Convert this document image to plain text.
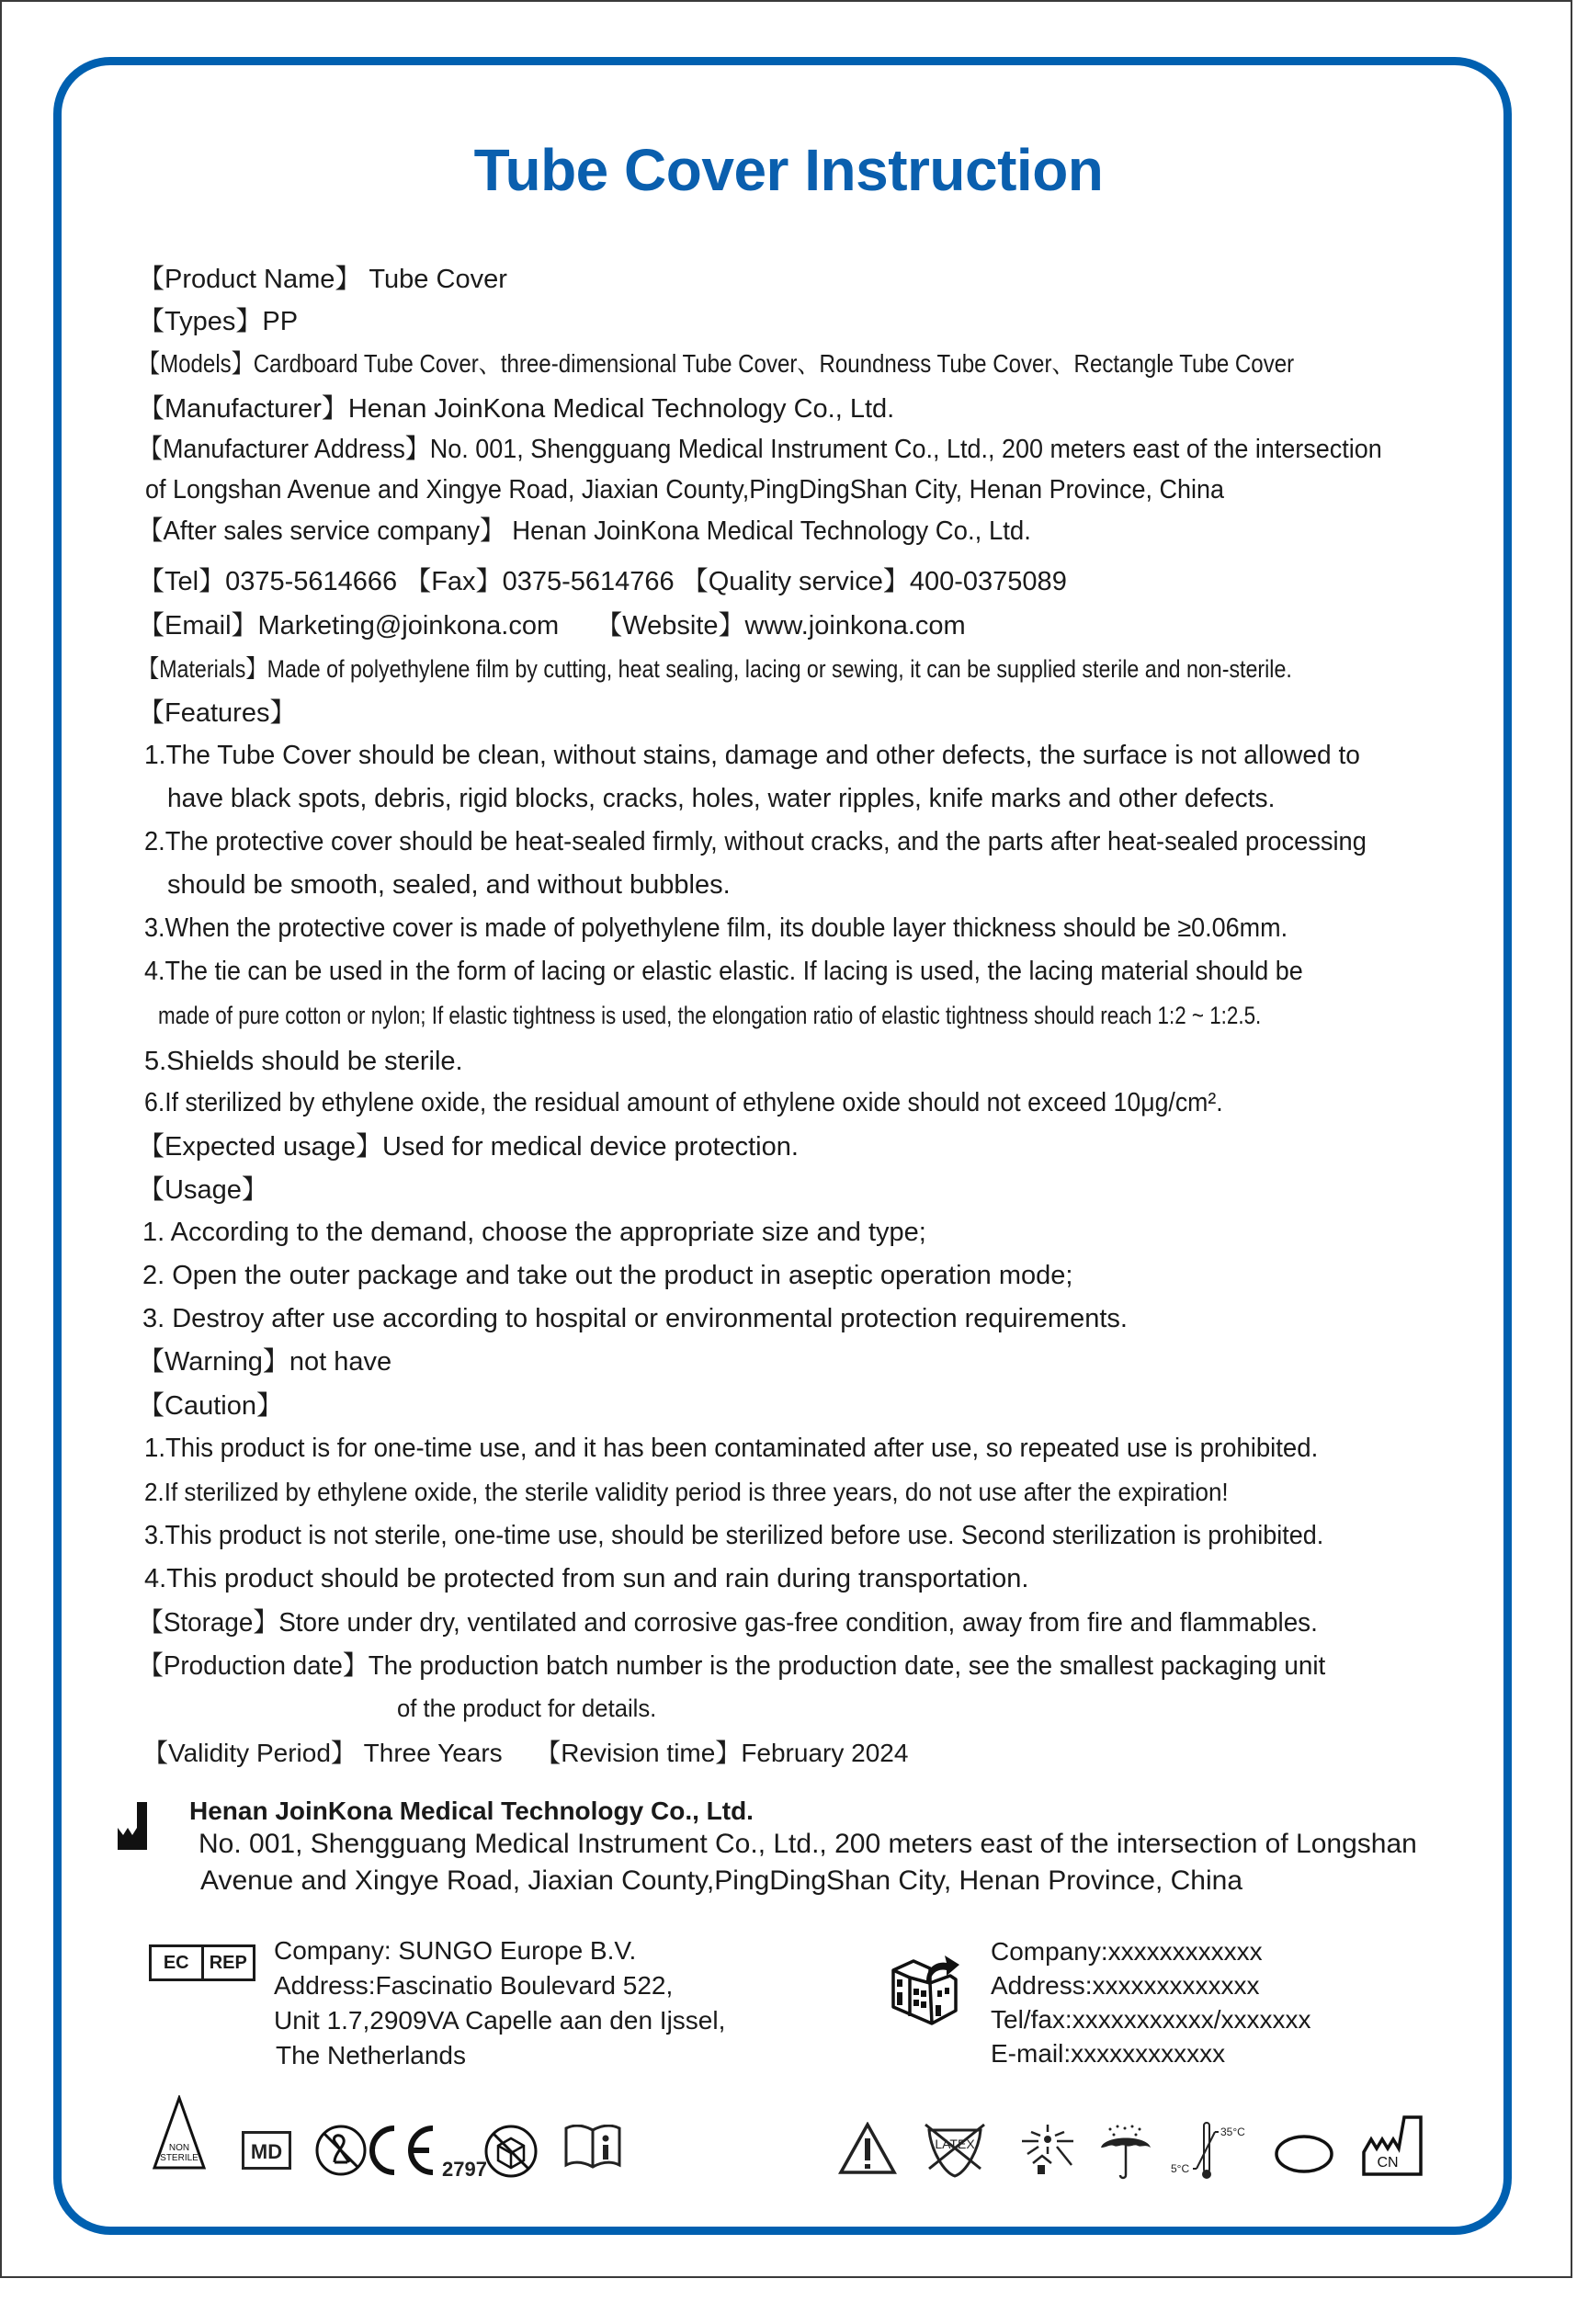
Tube Cover Instruction
【Product Name】 Tube Cover
【Types】PP
【Models】Cardboard Tube Cover、three-dimensional Tube Cover、Roundness Tube Cover、Rectangle Tube Cover
【Manufacturer】Henan JoinKona Medical Technology Co., Ltd.
【Manufacturer Address】No. 001, Shengguang Medical Instrument Co., Ltd., 200 meters east of the intersection
of Longshan Avenue and Xingye Road, Jiaxian County,PingDingShan City, Henan Province, China
【After sales service company】 Henan JoinKona Medical Technology Co., Ltd.
【Tel】0375-5614666 【Fax】0375-5614766 【Quality service】400-0375089
【Email】Marketing@joinkona.com 【Website】www.joinkona.com
【Materials】Made of polyethylene film by cutting, heat sealing, lacing or sewing, it can be supplied sterile and non-sterile.
【Features】
1.The Tube Cover should be clean, without stains, damage and other defects, the surface is not allowed to
have black spots, debris, rigid blocks, cracks, holes, water ripples, knife marks and other defects.
2.The protective cover should be heat-sealed firmly, without cracks, and the parts after heat-sealed processing
should be smooth, sealed, and without bubbles.
3.When the protective cover is made of polyethylene film, its double layer thickness should be ≥0.06mm.
4.The tie can be used in the form of lacing or elastic elastic. If lacing is used, the lacing material should be
made of pure cotton or nylon; If elastic tightness is used, the elongation ratio of elastic tightness should reach 1:2 ~ 1:2.5.
5.Shields should be sterile.
6.If sterilized by ethylene oxide, the residual amount of ethylene oxide should not exceed 10μg/cm².
【Expected usage】Used for medical device protection.
【Usage】
1. According to the demand, choose the appropriate size and type;
2. Open the outer package and take out the product in aseptic operation mode;
3. Destroy after use according to hospital or environmental protection requirements.
【Warning】not have
【Caution】
1.This product is for one-time use, and it has been contaminated after use, so repeated use is prohibited.
2.If sterilized by ethylene oxide, the sterile validity period is three years, do not use after the expiration!
3.This product is not sterile, one-time use, should be sterilized before use. Second sterilization is prohibited.
4.This product should be protected from sun and rain during transportation.
【Storage】Store under dry, ventilated and corrosive gas-free condition, away from fire and flammables.
【Production date】The production batch number is the production date, see the smallest packaging unit
of the product for details.
【Validity Period】 Three Years 【Revision time】February 2024
Henan JoinKona Medical Technology Co., Ltd.
No. 001, Shengguang Medical Instrument Co., Ltd., 200 meters east of the intersection of Longshan
Avenue and Xingye Road, Jiaxian County,PingDingShan City, Henan Province, China
EC	REP Company: SUNGO Europe B.V.
Address:Fascinatio Boulevard 522,
Unit 1.7,2909VA Capelle aan den Ijssel,
The Netherlands
Company:xxxxxxxxxxxx
Address:xxxxxxxxxxxxx
Tel/fax:xxxxxxxxxxx/xxxxxxx
E-mail:xxxxxxxxxxxx
NON
STERILE	MD
2797
LATEX
35°C
5°C	CN
